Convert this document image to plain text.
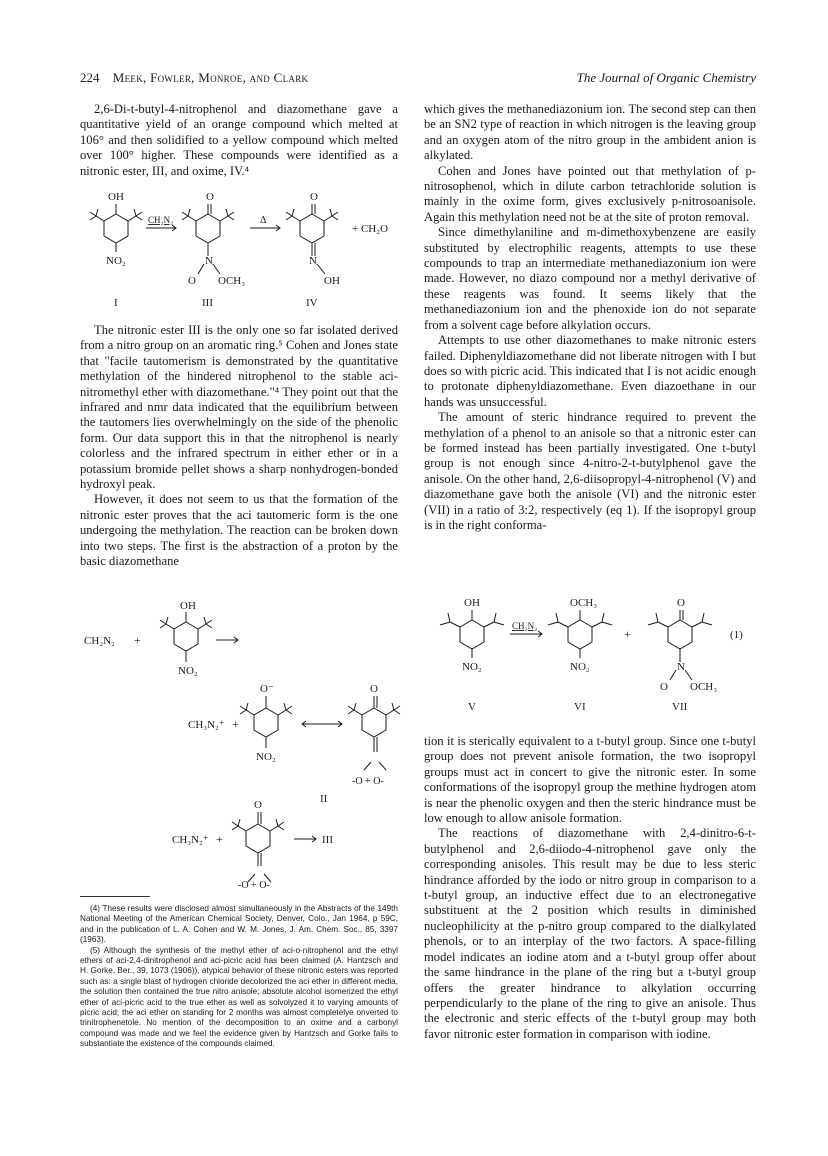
224 Meek, Fowler, Monroe, and Clark	The Journal of Organic Chemistry

2,6-Di-t-butyl-4-nitrophenol and diazomethane gave a quantitative yield of an orange compound which melted at 106° and then solidified to a yellow compound which melted over 100° higher. These compounds were identified as a nitronic ester, III, and oxime, IV.⁴

OH
NO₂
O
N
O OCH₃
O
N
OH
CH₂N₂	Δ
+ CH₂O
I	III	IV

The nitronic ester III is the only one so far isolated derived from a nitro group on an aromatic ring.⁵ Cohen and Jones state that "facile tautomerism is demonstrated by the quantitative methylation of the hindered nitrophenol to the stable aci-nitromethyl ether with diazomethane."⁴ They point out that the infrared and nmr data indicated that the equilibrium between the tautomers lies overwhelmingly on the side of the phenolic form. Our data support this in that the nitrophenol is nearly colorless and the infrared spectrum in either ether or in a potassium bromide pellet shows a sharp nonhydrogen-bonded hydroxyl peak.

However, it does not seem to us that the formation of the nitronic ester proves that the aci tautomeric form is the one undergoing the methylation. The reaction can be broken down into two steps. The first is the abstraction of a proton by the basic diazomethane

CH₂N₂ +
OH
NO₂
CH₃N₂⁺ +
O⁻
NO₂
O
-O + O-
II
CH₃N₂⁺ +
O
-O + O-
III

(4) These results were disclosed almost simultaneously in the Abstracts of the 149th National Meeting of the American Chemical Society, Denver, Colo., Jan 1964, p 59C, and in the publication of L. A. Cohen and W. M. Jones, J. Am. Chem. Soc., 85, 3397 (1963).

(5) Although the synthesis of the methyl ether of aci-o-nitrophenol and the ethyl ethers of aci-2,4-dinitrophenol and aci-picric acid has been claimed (A. Hantzsch and H. Gorke, Ber., 39, 1073 (1906)), atypical behavior of these nitronic esters was reported such as: a single blast of hydrogen chloride decolorized the aci ether in different media, the solution then contained the true nitro anisole; absolute alcohol isomerized the ethyl ether of aci-picric acid to the true ether as well as solvolyzed it to varying amounts of picric acid; the aci ether on standing for 2 months was almost completelye onverted to trinitrophenetole. No mention of the decomposition to an oxime and a carbonyl compound was made and we feel the evidence given by Hantzsch and Gorke fails to substantiate the existence of the compounds claimed.

which gives the methanediazonium ion. The second step can then be an SN2 type of reaction in which nitrogen is the leaving group and an oxygen atom of the nitro group in the ambident anion is alkylated.

Cohen and Jones have pointed out that methylation of p-nitrosophenol, which in dilute carbon tetrachloride solution is mainly in the oxime form, gives exclusively p-nitrosoanisole. Again this methylation need not be at the site of proton removal.

Since dimethylaniline and m-dimethoxybenzene are easily substituted by electrophilic reagents, attempts to use these compounds to trap an intermediate methanediazonium ion were made. However, no diazo compound nor a methyl derivative of these reagents was found. It seems likely that the methanediazonium ion and the phenoxide ion do not separate from a solvent cage before alkylation occurs.

Attempts to use other diazomethanes to make nitronic esters failed. Diphenyldiazomethane did not liberate nitrogen with I but does so with picric acid. This indicated that I is not acidic enough to protonate diphenyldiazomethane. Even diazoethane in our hands was unsuccessful.

The amount of steric hindrance required to prevent the methylation of a phenol to an anisole so that a nitronic ester can be formed instead has been partially investigated. One t-butyl group is not enough since 4-nitro-2-t-butylphenol gave the anisole. On the other hand, 2,6-diisopropyl-4-nitrophenol (V) and diazomethane gave both the anisole (VI) and the nitronic ester (VII) in a ratio of 3:2, respectively (eq 1). If the isopropyl group is in the right conforma-

OH
NO₂
OCH₃
NO₂
O
N
O OCH₃
CH₂N₂
+	(1)
V	VI	VII

tion it is sterically equivalent to a t-butyl group. Since one t-butyl group does not prevent anisole formation, the two isopropyl groups must act in concert to give the nitronic ester. In some conformations of the isopropyl group the methine hydrogen atom is near the phenolic oxygen and then the steric hindrance must be low enough to allow anisole formation.

The reactions of diazomethane with 2,4-dinitro-6-t-butylphenol and 2,6-diiodo-4-nitrophenol gave only the corresponding anisoles. This result may be due to less steric hindrance afforded by the iodo or nitro group in comparison to a t-butyl group, an inductive effect due to an electronegative substituent at the 2 position which results in diminished nucleophilicity at the p-nitro group compared to the dialkylated phenols, or to an interplay of the two factors. A space-filling model indicates an iodine atom and a t-butyl group offer about the same hindrance in the plane of the ring but a t-butyl group offers the greater hindrance to alkylation occurring perpendicularly to the plane of the ring to give an anisole. Thus the electronic and steric effects of the t-butyl group may both favor nitronic ester formation in comparison with iodine.
